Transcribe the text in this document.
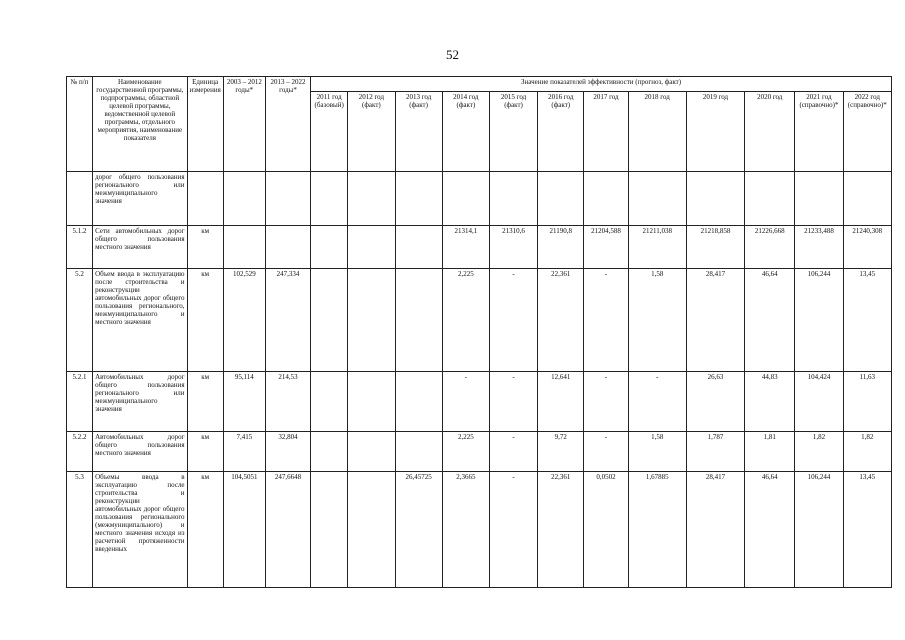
52
№ п/п	Наименование государственной программы, подпрограммы, областной целевой программы, ведомственной целевой программы, отдельного мероприятия, наименование показателя	Единица измерения	2003 – 2012 годы*	2013 – 2022 годы*	Значение показателей эффективности (прогноз, факт)											
					2011 год (базовый)	2012 год (факт)	2013 год (факт)	2014 год (факт)	2015 год (факт)	2016 год (факт)	2017 год	2018 год	2019 год	2020 год	2021 год (справочно)*	2022 год (справочно)*
	дорог общего пользования регионального или межмуниципального значения															
5.1.2	Сети автомобильных дорог общего пользования местного значения	км						21314,1	21310,6	21190,8	21204,588	21211,038	21218,858	21226,668	21233,488	21240,308
5.2	Объем ввода в эксплуатацию после строительства и реконструкции автомобильных дорог общего пользования регионального, межмуниципального и местного значения	км	102,529	247,334				2,225	-	22,361	-	1,58	28,417	46,64	106,244	13,45
5.2.1	Автомобильных дорог общего пользования регионального или межмуниципального значения	км	95,114	214,53				-	-	12,641	-	-	26,63	44,83	104,424	11,63
5.2.2	Автомобильных дорог общего пользования местного значения	км	7,415	32,804				2,225	-	9,72	-	1,58	1,787	1,81	1,82	1,82
5.3	Объемы ввода в эксплуатацию после строительства и реконструкции автомобильных дорог общего пользования регионального (межмуниципального) и местного значения исходя из расчетной протяженности введенных	км	104,5051	247,6648			26,45725	2,3665	-	22,361	0,0502	1,67885	28,417	46,64	106,244	13,45
